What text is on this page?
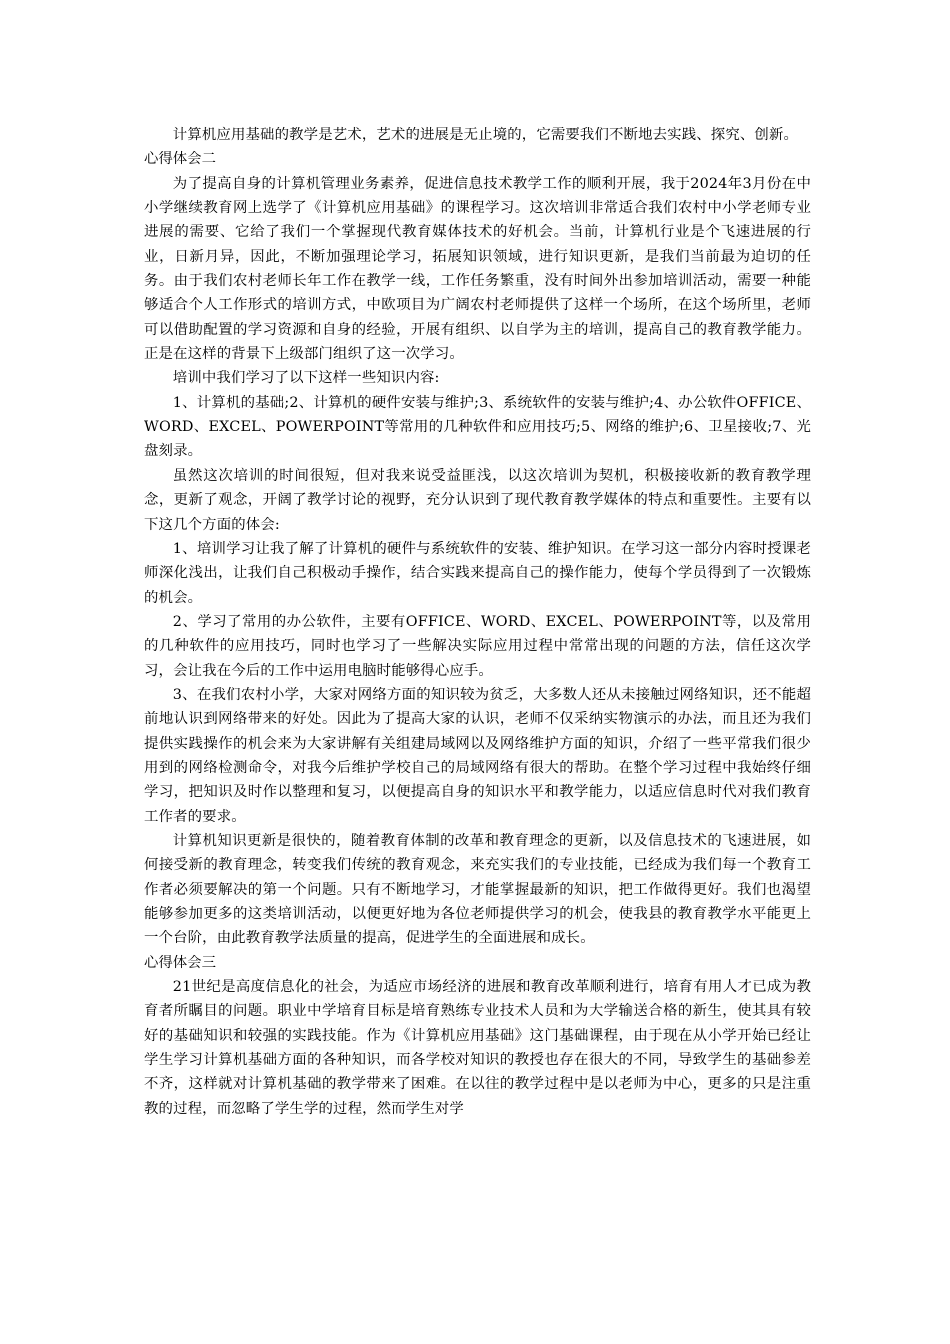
计算机应用基础的教学是艺术，艺术的进展是无止境的，它需要我们不断地去实践、探究、创新。

心得体会二

为了提高自身的计算机管理业务素养，促进信息技术教学工作的顺利开展，我于2024年3月份在中小学继续教育网上选学了《计算机应用基础》的课程学习。这次培训非常适合我们农村中小学老师专业进展的需要、它给了我们一个掌握现代教育媒体技术的好机会。当前，计算机行业是个飞速进展的行业，日新月异，因此，不断加强理论学习，拓展知识领域，进行知识更新，是我们当前最为迫切的任务。由于我们农村老师长年工作在教学一线，工作任务繁重，没有时间外出参加培训活动，需要一种能够适合个人工作形式的培训方式，中欧项目为广阔农村老师提供了这样一个场所，在这个场所里，老师可以借助配置的学习资源和自身的经验，开展有组织、以自学为主的培训，提高自己的教育教学能力。正是在这样的背景下上级部门组织了这一次学习。

培训中我们学习了以下这样一些知识内容:

1、计算机的基础;2、计算机的硬件安装与维护;3、系统软件的安装与维护;4、办公软件OFFICE、WORD、EXCEL、POWERPOINT等常用的几种软件和应用技巧;5、网络的维护;6、卫星接收;7、光盘刻录。

虽然这次培训的时间很短，但对我来说受益匪浅，以这次培训为契机，积极接收新的教育教学理念，更新了观念，开阔了教学讨论的视野，充分认识到了现代教育教学媒体的特点和重要性。主要有以下这几个方面的体会:

1、培训学习让我了解了计算机的硬件与系统软件的安装、维护知识。在学习这一部分内容时授课老师深化浅出，让我们自己积极动手操作，结合实践来提高自己的操作能力，使每个学员得到了一次锻炼的机会。

2、学习了常用的办公软件，主要有OFFICE、WORD、EXCEL、POWERPOINT等，以及常用的几种软件的应用技巧，同时也学习了一些解决实际应用过程中常常出现的问题的方法，信任这次学习，会让我在今后的工作中运用电脑时能够得心应手。

3、在我们农村小学，大家对网络方面的知识较为贫乏，大多数人还从未接触过网络知识，还不能超前地认识到网络带来的好处。因此为了提高大家的认识，老师不仅采纳实物演示的办法，而且还为我们提供实践操作的机会来为大家讲解有关组建局域网以及网络维护方面的知识，介绍了一些平常我们很少用到的网络检测命令，对我今后维护学校自己的局域网络有很大的帮助。在整个学习过程中我始终仔细学习，把知识及时作以整理和复习，以便提高自身的知识水平和教学能力，以适应信息时代对我们教育工作者的要求。

计算机知识更新是很快的，随着教育体制的改革和教育理念的更新，以及信息技术的飞速进展，如何接受新的教育理念，转变我们传统的教育观念，来充实我们的专业技能，已经成为我们每一个教育工作者必须要解决的第一个问题。只有不断地学习，才能掌握最新的知识，把工作做得更好。我们也渴望能够参加更多的这类培训活动，以便更好地为各位老师提供学习的机会，使我县的教育教学水平能更上一个台阶，由此教育教学法质量的提高，促进学生的全面进展和成长。

心得体会三

21世纪是高度信息化的社会，为适应市场经济的进展和教育改革顺利进行，培育有用人才已成为教育者所瞩目的问题。职业中学培育目标是培育熟练专业技术人员和为大学输送合格的新生，使其具有较好的基础知识和较强的实践技能。作为《计算机应用基础》这门基础课程，由于现在从小学开始已经让学生学习计算机基础方面的各种知识，而各学校对知识的教授也存在很大的不同，导致学生的基础参差不齐，这样就对计算机基础的教学带来了困难。在以往的教学过程中是以老师为中心，更多的只是注重教的过程，而忽略了学生学的过程，然而学生对学
